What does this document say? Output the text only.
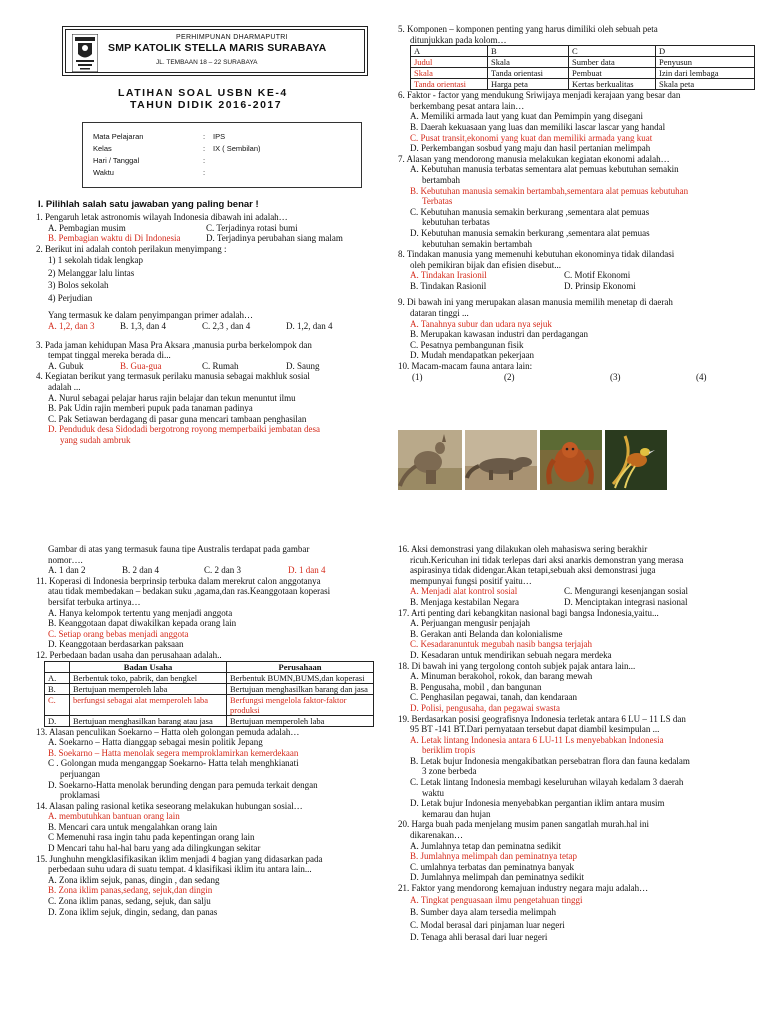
PERHIMPUNAN DHARMAPUTRI
SMP KATOLIK STELLA MARIS SURABAYA
JL. TEMBAAN 18 – 22 SURABAYA
LATIHAN SOAL USBN KE-4
TAHUN DIDIK 2016-2017
Mata Pelajaran	: IPS
Kelas	: IX ( Sembilan)
Hari / Tanggal	:
Waktu	:
I. Pilihlah salah satu jawaban yang paling benar !

1. Pengaruh letak astronomis wilayah Indonesia dibawah ini adalah…

A. Pembagian musim	C. Terjadinya rotasi bumi
B. Pembagian waktu di Di Indonesia	D. Terjadinya perubahan siang malam

2. Berikut ini adalah contoh perilakun menyimpang :

1) 1 sekolah tidak lengkap

2) Melanggar lalu lintas

3) Bolos sekolah

4) Perjudian

Yang termasuk ke dalam penyimpangan primer adalah…

A. 1,2, dan 3	B. 1,3, dan 4	C. 2,3 , dan 4	D. 1,2, dan 4

3. Pada jaman kehidupan Masa Pra Aksara ,manusia purba berkelompok dan

tempat tinggal mereka berada di...

A. Gubuk	B. Gua-gua	C. Rumah	D. Saung

4. Kegiatan berikut yang termasuk perilaku manusia sebagai makhluk sosial

adalah ...

A. Nurul sebagai pelajar harus rajin belajar dan tekun menuntut ilmu

B. Pak Udin rajin memberi pupuk pada tanaman padinya

C. Pak Setiawan berdagang di pasar guna mencari tambaan penghasilan

D. Penduduk desa Sidodadi bergotrong royong memperbaiki jembatan desa

yang sudah ambruk

5. Komponen – komponen penting yang harus dimiliki oleh sebuah peta

ditunjukkan pada kolom…

A	B	C	D
Judul	Skala	Sumber data	Penyusun
Skala	Tanda orientasi	Pembuat	Izin dari lembaga
Tanda orientasi	Harga peta	Kertas berkualitas	Skala peta

6. Faktor - factor yang mendukung Sriwijaya menjadi kerajaan yang besar dan

berkembang pesat antara lain…

A. Memiliki armada laut yang kuat dan Pemimpin yang disegani

B. Daerah kekuasaan yang luas dan memiliki lascar lascar yang handal

C. Pusat transit,ekonomi yang kuat dan memiliki armada yang kuat

D. Perkembangan sosbud yang maju dan hasil pertanian melimpah

7. Alasan yang mendorong manusia melakukan kegiatan ekonomi adalah…

A. Kebutuhan manusia terbatas sementara alat pemuas kebutuhan semakin

bertambah

B. Kebutuhan manusia semakin bertambah,sementara alat pemuas kebutuhan

Terbatas

C. Kebutuhan manusia semakin berkurang ,sementara alat pemuas

kebutuhan terbatas

D. Kebutuhan manusia semakin berkurang ,sementara alat pemuas

kebutuhan semakin bertambah

8. Tindakan manusia yang memenuhi kebutuhan ekonominya tidak dilandasi

oleh pemikiran bijak dan efisien disebut...

A. Tindakan Irasionil	C. Motif Ekonomi
B. Tindakan Rasionil	D. Prinsip Ekonomi

9. Di bawah ini yang merupakan alasan manusia memilih menetap di daerah

dataran tinggi ...

A. Tanahnya subur dan udara nya sejuk

B. Merupakan kawasan industri dan perdagangan

C. Pesatnya pembangunan fisik

D. Mudah mendapatkan pekerjaan

10. Macam-macam fauna antara lain:

(1)	(2)	(3)	(4)

Gambar di atas yang termasuk fauna tipe Australis terdapat pada gambar

nomor….

A. 1 dan 2	B. 2 dan 4	C. 2 dan 3	D. 1 dan 4

11. Koperasi di Indonesia berprinsip terbuka dalam merekrut calon anggotanya

atau tidak membedakan – bedakan suku ,agama,dan ras.Keanggotaan koperasi

bersifat terbuka artinya…

A. Hanya kelompok tertentu yang menjadi anggota

B. Keanggotaan dapat diwakilkan kepada orang lain

C. Setiap orang bebas menjadi anggota

D. Keanggotaan berdasarkan paksaan

12. Perbedaan badan usaha dan perusahaan adalah..

	Badan Usaha	Perusahaan
A.	Berbentuk toko, pabrik, dan bengkel	Berbentuk BUMN,BUMS,dan koperasi
B.	Bertujuan memperoleh laba	Bertujuan menghasilkan barang dan jasa
C.	berfungsi sebagai alat memperoleh laba	Berfungsi mengelola faktor-faktor produksi
D.	Bertujuan menghasilkan barang atau jasa	Bertujuan memperoleh laba

13. Alasan penculikan Soekarno – Hatta oleh golongan pemuda adalah…

A. Soekarno – Hatta dianggap sebagai mesin politik Jepang

B. Soekarno – Hatta menolak segera memproklamirkan kemerdekaan

C . Golongan muda menganggap Soekarno- Hatta telah menghkianati

perjuangan

D. Soekarno-Hatta menolak berunding dengan para pemuda terkait dengan

proklamasi

14. Alasan paling rasional ketika seseorang melakukan hubungan sosial…

A. membutuhkan bantuan orang lain

B. Mencari cara untuk mengalahkan orang lain

C Memenuhi rasa ingin tahu pada kepentingan orang lain

D Mencari tahu hal-hal baru yang ada dilingkungan sekitar

15. Junghuhn mengklasifikasikan iklim menjadi 4 bagian yang didasarkan pada

perbedaan suhu udara di suatu tempat. 4 klasifikasi iklim itu antara lain...

A. Zona iklim sejuk, panas, dingin , dan sedang

B. Zona iklim panas,sedang, sejuk,dan dingin

C. Zona iklim panas, sedang, sejuk, dan salju

D. Zona iklim sejuk, dingin, sedang, dan panas

16. Aksi demonstrasi yang dilakukan oleh mahasiswa sering berakhir

ricuh.Kericuhan ini tidak terlepas dari aksi anarkis demonstran yang merasa

aspirasinya tidak didengar.Akan tetapi,sebuah aksi demonstrasi juga

mempunyai fungsi positif yaitu…

A. Menjadi alat kontrol sosial	C. Mengurangi kesenjangan sosial
B. Menjaga kestabilan Negara	D. Menciptakan integrasi nasional

17. Arti penting dari kebangkitan nasional bagi bangsa Indonesia,yaitu...

A. Perjuangan mengusir penjajah

B. Gerakan anti Belanda dan kolonialisme

C. Kesadaranuntuk megubah nasib bangsa terjajah

D. Kesadaran untuk mendirikan sebuah negara merdeka

18. Di bawah ini yang tergolong contoh subjek pajak antara lain...

A. Minuman berakohol, rokok, dan barang mewah

B. Pengusaha, mobil , dan bangunan

C. Penghasilan pegawai, tanah, dan kendaraan

D. Polisi, pengusaha, dan pegawai swasta

19. Berdasarkan posisi geografisnya Indonesia terletak antara 6 LU – 11 LS dan

95 BT -141 BT.Dari pernyataan tersebut dapat diambil kesimpulan ...

A. Letak lintang Indonesia antara 6 LU-11 Ls menyebabkan Indonesia

beriklim tropis

B. Letak bujur Indonesia mengakibatkan persebatran flora dan fauna kedalam

3 zone berbeda

C. Letak lintang Indonesia membagi keseluruhan wilayah kedalam 3 daerah

waktu

D. Letak bujur Indonesia menyebabkan pergantian iklim antara musim

kemarau dan hujan

20. Harga buah pada menjelang musim panen sangatlah murah.hal ini

dikarenakan…

A. Jumlahnya tetap dan peminatna sedikit

B. Jumlahnya melimpah dan peminatnya tetap

C. umlahnya terbatas dan peminatnya banyak

D. Jumlahnya melimpah dan peminatnya sedikit

21. Faktor yang mendorong kemajuan industry negara maju adalah…

A. Tingkat penguasaan ilmu pengetahuan tinggi

B. Sumber daya alam tersedia melimpah

C. Modal berasal dari pinjaman luar negeri

D. Tenaga ahli berasal dari luar negeri
